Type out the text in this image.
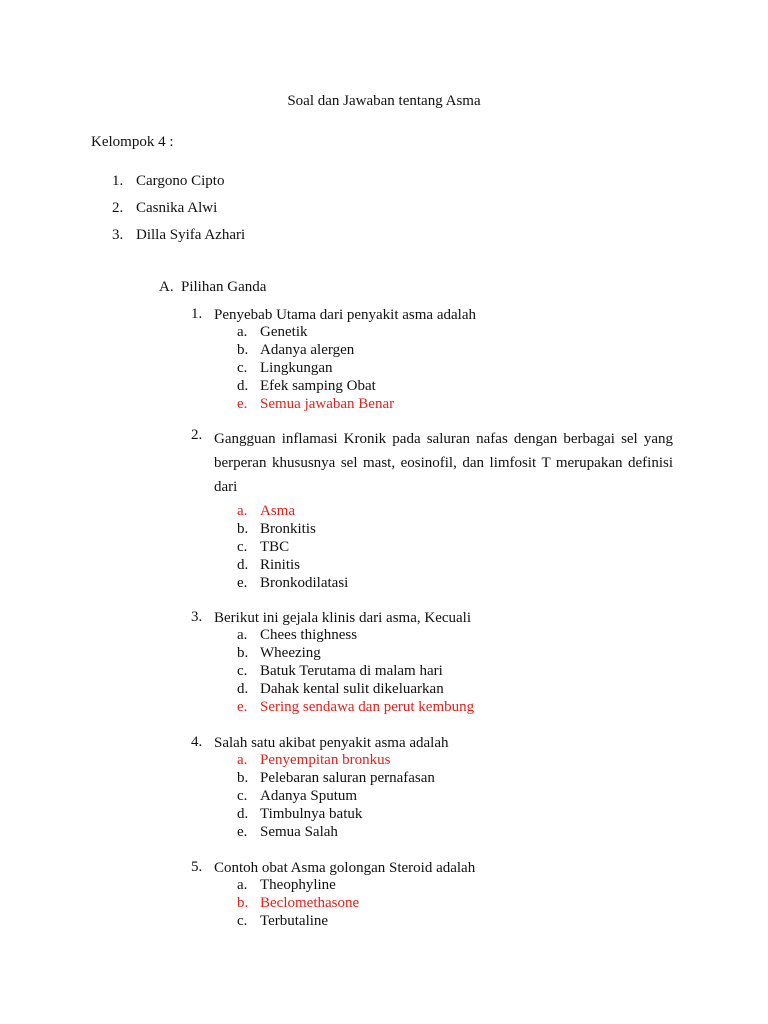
Soal dan Jawaban tentang Asma
Kelompok 4 :
1. Cargono Cipto
2. Casnika Alwi
3. Dilla Syifa Azhari
A. Pilihan Ganda
1. Penyebab Utama dari penyakit asma adalah
a. Genetik
b. Adanya alergen
c. Lingkungan
d. Efek samping Obat
e. Semua jawaban Benar
2. Gangguan inflamasi Kronik pada saluran nafas dengan berbagai sel yang berperan khususnya sel mast, eosinofil, dan limfosit T merupakan definisi dari
a. Asma
b. Bronkitis
c. TBC
d. Rinitis
e. Bronkodilatasi
3. Berikut ini gejala klinis dari asma, Kecuali
a. Chees thighness
b. Wheezing
c. Batuk Terutama di malam hari
d. Dahak kental sulit dikeluarkan
e. Sering sendawa dan perut kembung
4. Salah satu akibat penyakit asma adalah
a. Penyempitan bronkus
b. Pelebaran saluran pernafasan
c. Adanya Sputum
d. Timbulnya batuk
e. Semua Salah
5. Contoh obat Asma golongan Steroid adalah
a. Theophyline
b. Beclomethasone
c. Terbutaline
